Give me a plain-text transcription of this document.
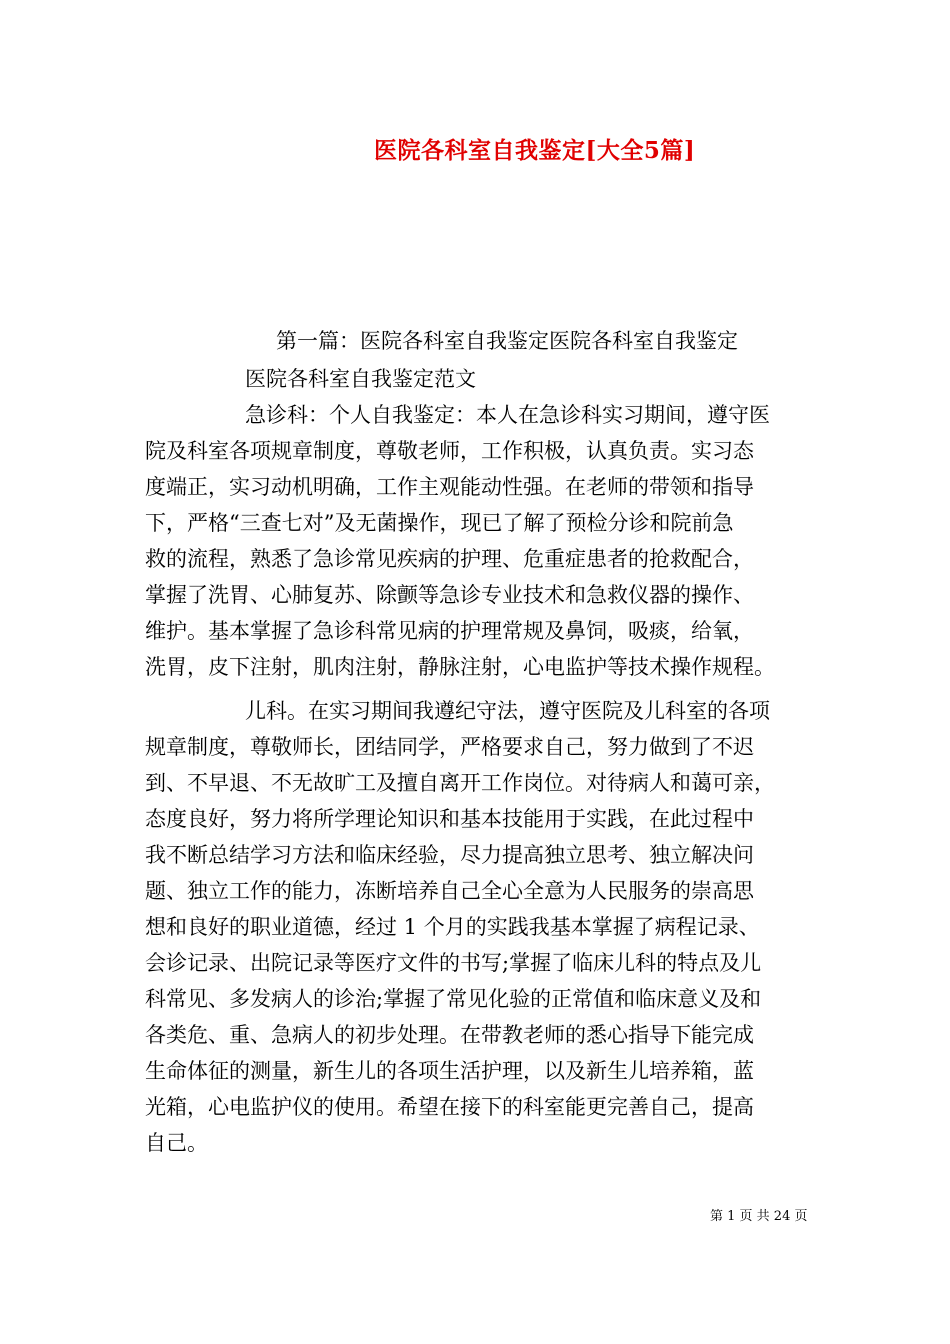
医院各科室自我鉴定[大全5篇]

第一篇：医院各科室自我鉴定医院各科室自我鉴定

医院各科室自我鉴定范文

急诊科：个人自我鉴定：本人在急诊科实习期间，遵守医

院及科室各项规章制度，尊敬老师，工作积极，认真负责。实习态

度端正，实习动机明确，工作主观能动性强。在老师的带领和指导

下，严格“三查七对”及无菌操作，现已了解了预检分诊和院前急

救的流程，熟悉了急诊常见疾病的护理、危重症患者的抢救配合，

掌握了洗胃、心肺复苏、除颤等急诊专业技术和急救仪器的操作、

维护。基本掌握了急诊科常见病的护理常规及鼻饲，吸痰，给氧，

洗胃，皮下注射，肌肉注射，静脉注射，心电监护等技术操作规程。

儿科。在实习期间我遵纪守法，遵守医院及儿科室的各项

规章制度，尊敬师长，团结同学，严格要求自己，努力做到了不迟

到、不早退、不无故旷工及擅自离开工作岗位。对待病人和蔼可亲，

态度良好，努力将所学理论知识和基本技能用于实践，在此过程中

我不断总结学习方法和临床经验，尽力提高独立思考、独立解决问

题、独立工作的能力，冻断培养自己全心全意为人民服务的崇高思

想和良好的职业道德，经过 1 个月的实践我基本掌握了病程记录、

会诊记录、出院记录等医疗文件的书写;掌握了临床儿科的特点及儿

科常见、多发病人的诊治;掌握了常见化验的正常值和临床意义及和

各类危、重、急病人的初步处理。在带教老师的悉心指导下能完成

生命体征的测量，新生儿的各项生活护理，以及新生儿培养箱，蓝

光箱，心电监护仪的使用。希望在接下的科室能更完善自己，提高

自己。

第 1 页 共 24 页
